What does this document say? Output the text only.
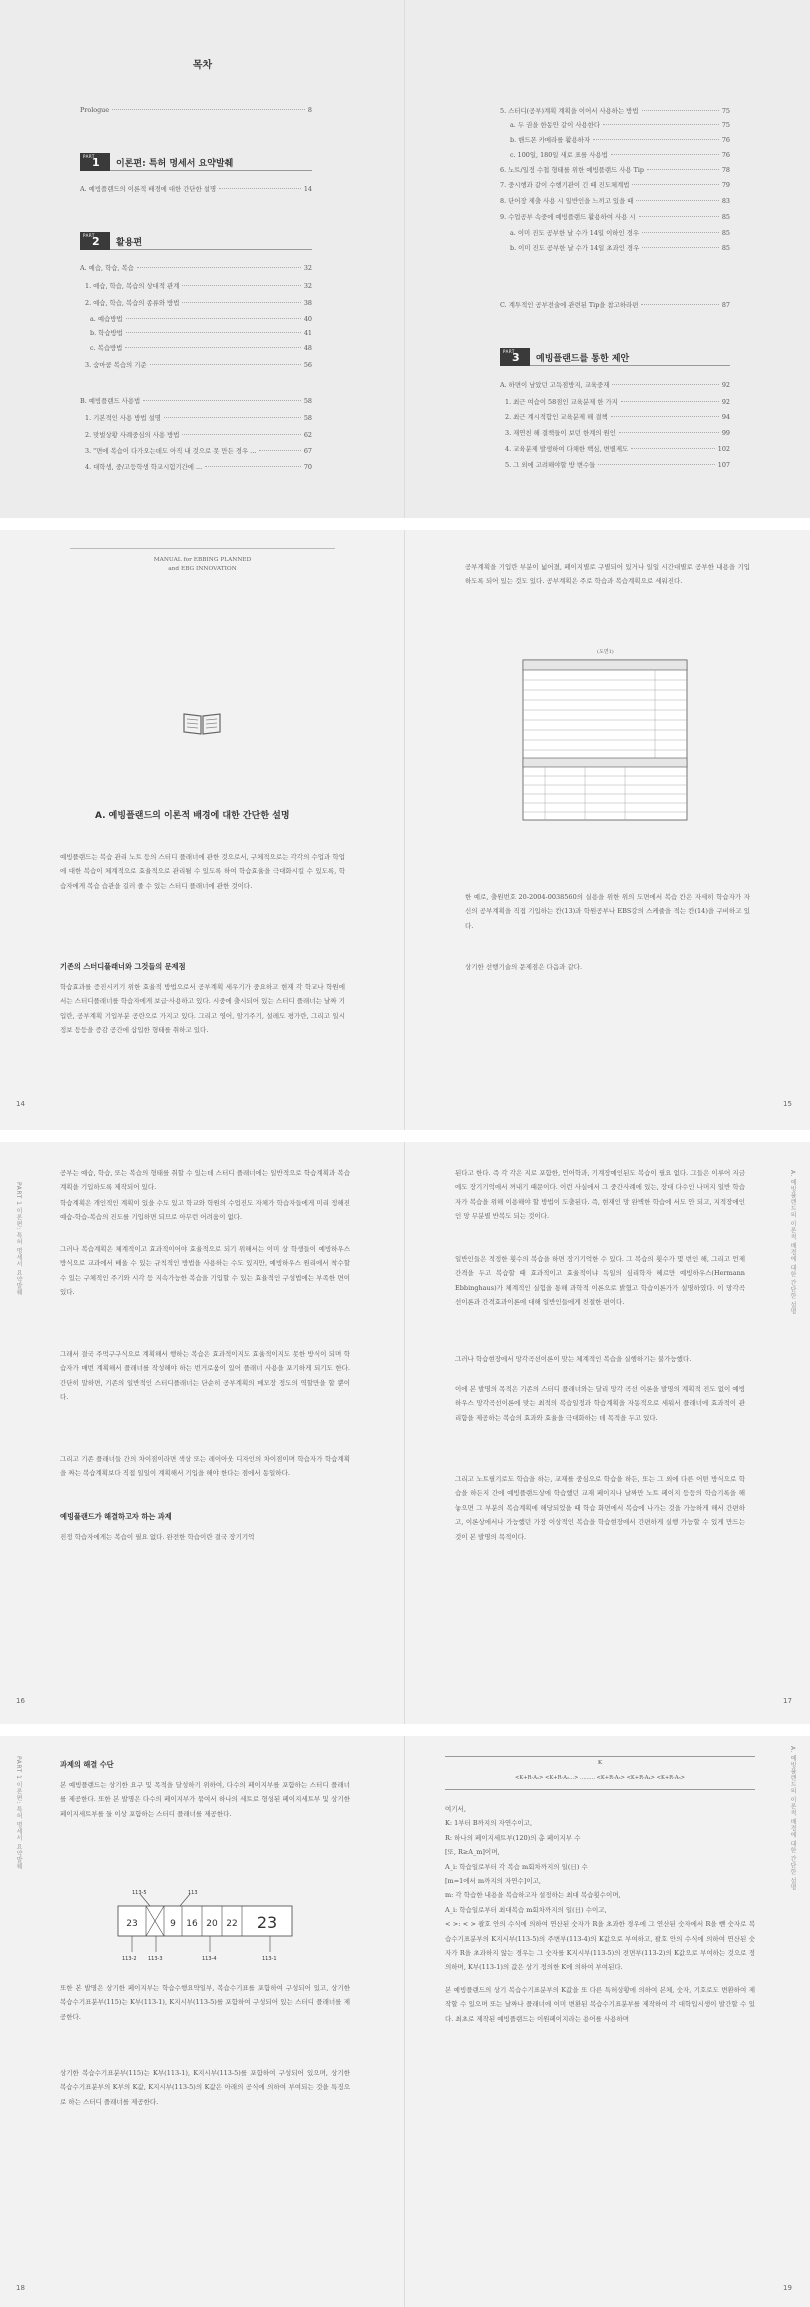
목차
Prologue	8
PART
1 이론편: 특허 명세서 요약발췌
A. 예빙플랜드의 이론적 배경에 대한 간단한 설명	14
PART
2 활용편
A. 예습, 학습, 복습	32
1. 예습, 학습, 복습의 상대적 관계	32
2. 예습, 학습, 복습의 종류와 방법	38
a. 예습방법	40
b. 학습방법	41
c. 복습방법	48
3. 숨마쿰 복습의 기준	56
B. 예빙플랜드 사용법	58
1. 기본적인 사용 방법 설명	58
2. 맞벌상황 사례중심의 사용 방법	62
3. "면에 복습이 다가오는데도 아직 내 것으로 못 만든 경우 ...	67
4. 대학생, 중/고등학생 학교시험기간에 ...	70
5. 스터디(공부)계획 계획을 이어서 사용하는 방법	75
a. 두 권을 한동안 같이 사용한다	75
b. 핸드폰 카메라를 활용하자	76
c. 100일, 180일 새로 표를 사용법	76
6. 노트/일정 수첩 형태를 위한 예빙플랜드 사용 Tip	78
7. 중시행과 같이 수행기관이 긴 때 진도체계법	79
8. 단어장 제출 사용 시 일반인을 느끼고 있을 때	83
9. 수업공부 속중에 예빙플랜드 활용하여 사용 시	85
a. 이미 진도 공부한 날 수가 14일 이하인 경우	85
b. 이미 진도 공부한 날 수가 14일 초과인 경우	85
C. 계투적인 공부전술에 관련된 Tip을 참고하라편	87
PART
3 예빙플랜드를 통한 제안
A. 하면이 남았던 고득점방지, 교육중재	92
1. 최근 여습이 58점인 교육분제 한 가지	92
2. 최근 계시적합인 교육분제 해 결책	94
3. 재연친 해 결책들이 보던 한계의 원인	99
4. 교육분제 발생하여 다채한 핵심, 변별제도	102
5. 그 외에 고려해야할 방 변수들	107
MANUAL for EBBING PLANNED
and EBG INNOVATION
A. 예빙플랜드의 이론적 배경에 대한 간단한 설명
예빙플랜드는 복습 관리 노트 등의 스터디 플래너에 관한 것으로서, 구체적으로는 각각의 수업과 학업에 대한 복습이 체계적으로 효율적으로 관리될 수 있도록 하여 학습효율을 극대화시킬 수 있도록, 학습자에게 복습 습관을 길러 줄 수 있는 스터디 플래너에 관한 것이다.
기존의 스터디플래너와 그것들의 문제점
학습효과를 증진시키기 위한 효율적 방법으로서 공부계획 세우기가 중요하고 현재 각 학교나 학원에서는 스터디플래너를 학습자에게 보급·사용하고 있다. 시중에 출시되어 있는 스터디 플래너는 날짜 기입란, 공부계획 기입부분 공란으로 가지고 있다. 그리고 영어, 암기주기, 설레도 평가란, 그리고 일시정보 등등을 증감 공간에 삽입한 형태를 취하고 있다.
14
공부계획을 기입란 부분이 넓어졌, 페이지별로 구별되어 있거나 일일 시간대별로 공부한 내용을 기입하도록 되어 있는 것도 있다. 공부계획은 주로 학습과 복습계획으로 세워진다.
(도면1)
한 예로, 출원번호 20-2004-0038560의 실용을 위한 위의 도면에서 복습 칸은 자세히 학습자가 자신의 공부계획을 직접 기입하는 칸(13)과 학원공부나 EBS강의 스케쥴을 적는 칸(14)을 구비하고 있다.
상기한 선행기술의 문제점은 다음과 같다.
15
PART 1 이론편: 특허 명세서 요약발췌
공부는 예습, 학습, 또는 복습의 형태를 취할 수 있는데 스터디 플래너에는 일반적으로 학습계획과 복습계획을 기입하도록 제작되어 있다.
학습계획은 개인적인 계획이 있을 수도 있고 학교와 학원의 수업진도 자체가 학습자들에게 미리 정해진 예습-학습-복습의 진도를 기입하면 되므로 아무런 어려움이 없다.
그러나 복습계획은 체계적이고 효과적이어야 효율적으로 되기 위해서는 이미 상 학생들이 예빙하우스 방식으로 교과에서 배울 수 있는 규칙적인 방법을 사용하는 수도 있지만, 예빙하우스 원리에서 착수할 수 있는 구체적인 주기와 시각 등 지속가능한 복습을 기입할 수 있는 효율적인 구성법에는 부족한 면이 있다.
그래서 결국 주먹구구식으로 계획해서 행하는 복습은 효과적이지도 효율적이지도 못한 방식이 되며 학습자가 매번 계획해서 플래너를 작성해야 하는 번거로움이 있어 플래너 사용을 포기하게 되기도 한다. 간단히 말하면, 기존의 일반적인 스터디플래너는 단순히 공부계획의 메모장 정도의 역할만을 할 뿐이다.
그리고 기존 플래너들 간의 차이점이라면 색상 또는 레이아웃 디자인의 차이점이며 학습자가 학습계획을 짜는 복습계획보다 직접 일일이 계획해서 기입을 해야 한다는 점에서 동일하다.
예빙플랜드가 해결하고자 하는 과제
진정 학습자에게는 복습이 필요 없다. 완전한 학습이란 결국 장기기억
16
A. 예빙플랜드의 이론적 배경에 대한 간단한 설명
된다고 한다. 즉 각 각은 지로 포함한, 언어학과, 기계장예인된도 복습이 필요 없다. 그들은 이루어 지금에도 장기기억에서 꺼내기 때문이다. 이런 사실에서 그 중간사례에 있는, 장대 다수인 나머지 일반 학습자가 복습을 위해 이용해야 할 방법이 도출된다. 즉, 현재인 망 완벽한 학습에 서도 안 되고, 지적장애인인 망 무분별 반복도 되는 것이다.
일반인들은 적정한 횟수의 복습을 하면 장기기억한 수 있다. 그 복습의 횟수가 몇 번인 해, 그리고 언제 간격을 두고 복습할 때 효과적이고 효율적이냐 독일의 심리학자 헤르만 예빙하우스(Hermann Ebbinghaus)가 체계적인 실험을 통해 과학적 이론으로 밝혔고 학습이론가가 설명하였다. 이 망각곡선이론과 간격효과이론에 대해 일반인들에게 친절한 편이다.
그러나 학습현장에서 망각곡선이론이 맞는 체계적인 복습을 실행하기는 불가능했다.
이에 본 발명의 목적은 기존의 스터디 플래너와는 달리 망각 곡선 이론을 발명의 계획적 진도 없이 예빙하우스 망각곡선이론에 맞는 최적의 복습일정과 학습계획을 자동적으로 세워서 플래너에 효과적이 관리함을 제공하는 복습의 효과와 효율을 극대화하는 데 목적을 두고 있다.
그리고 노트필기로도 학습을 하는, 교재를 중심으로 학습을 하든, 또는 그 외에 다른 어떤 방식으로 학습을 하든지 간에 예빙플랜드상에 학습했던 교재 페이지나 날짜만 노트 페이지 등등의 학습기록을 해 놓으면 그 부분의 복습계획에 해당되었을 때 학습 화면에서 복습에 나가는 것을 가능하게 해서 간편하고, 이론상에서나 가능했던 가장 이상적인 복습을 학습현장에서 간편하게 실행 가능할 수 있게 만드는 것이 본 발명의 목적이다.
17
PART 1 이론편: 특허 명세서 요약발췌	과제의 해결 수단
본 예빙플랜드는 상기한 요구 및 목적을 달성하기 위하여, 다수의 페이지부를 포함하는 스터디 플래너를 제공한다. 또한 본 발명은 다수의 페이지부가 묶여서 하나의 세트로 형성된 페이지세트부 및 상기한 페이지세트부를 둘 이상 포함하는 스터디 플래너를 제공한다.
23	9 16 20 22 23
113-5	113
113-2 113-3	113-4	113-1
또한 본 발명은 상기한 페이지부는 학습수행요약일부, 복습수기표를 포함하여 구성되어 있고, 상기한 복습수기표분부(115)는 K부(113-1), K지시부(113-5)를 포함하여 구성되어 있는 스터디 플래너를 제공한다.
상기한 복습수기표분부(115)는 K부(113-1), K지시부(113-5)를 포함하여 구성되어 있으며, 상기한 복습수기표분부의 K부의 K값, K지시부(113-5)의 K값은 아래의 공식에 의하여 부여되는 것을 특징으로 하는 스터디 플래너를 제공한다.
18
A. 예빙플랜드의 이론적 배경에 대한 간단한 설명
K
<K+R-A₁> <K+R-A₂...> ......... <K+R-A₃> <K+R-A₄> <K+R-A₅>
여기서,
K: 1부터 B까지의 자연수이고,
R: 하나의 페이지세트부(120)의 총 페이지부 수
[또, R≥A_m]이며,
A_i: 학습일로부터 각 복습 m회차까지의 일(日) 수
[m=1에서 m까지의 자연수]이고,
m: 각 학습한 내용을 복습하고자 설정하는 최대 복습횟수이며,
A_i: 학습일로부터 최대복습 m회차까지의 일(日) 수이고,
< >: < > 괄호 안의 수식에 의하여 연산된 숫자가 R을 초과한 경우에 그 연산된 숫자에서 R을 뺀 숫자로 복습수기표분부의 K지시부(113-5)의 주변부(113-4)의 K값으로 부여하고, 괄호 안의 수식에 의하여 연산된 숫자가 R을 초과하지 않는 경우는 그 숫자를 K지시부(113-5)의 전면부(113-2)의 K값으로 부여하는 것으로 정의하며, K부(113-1)의 값은 상기 정의한 K에 의하여 부여된다.
본 예빙플랜드의 상기 복습수기표분부의 K값을 또 다른 특허상황에 의하여 본체, 숫자, 기호로도 변환하여 제작할 수 있으며 또는 날짜나 플래너에 이미 변환된 복습수기표분부를 제작하여 각 대학입시생이 발간할 수 있다. 최초로 제작된 예빙플랜드는 이원페이지라는 용어를 사용하며
19
